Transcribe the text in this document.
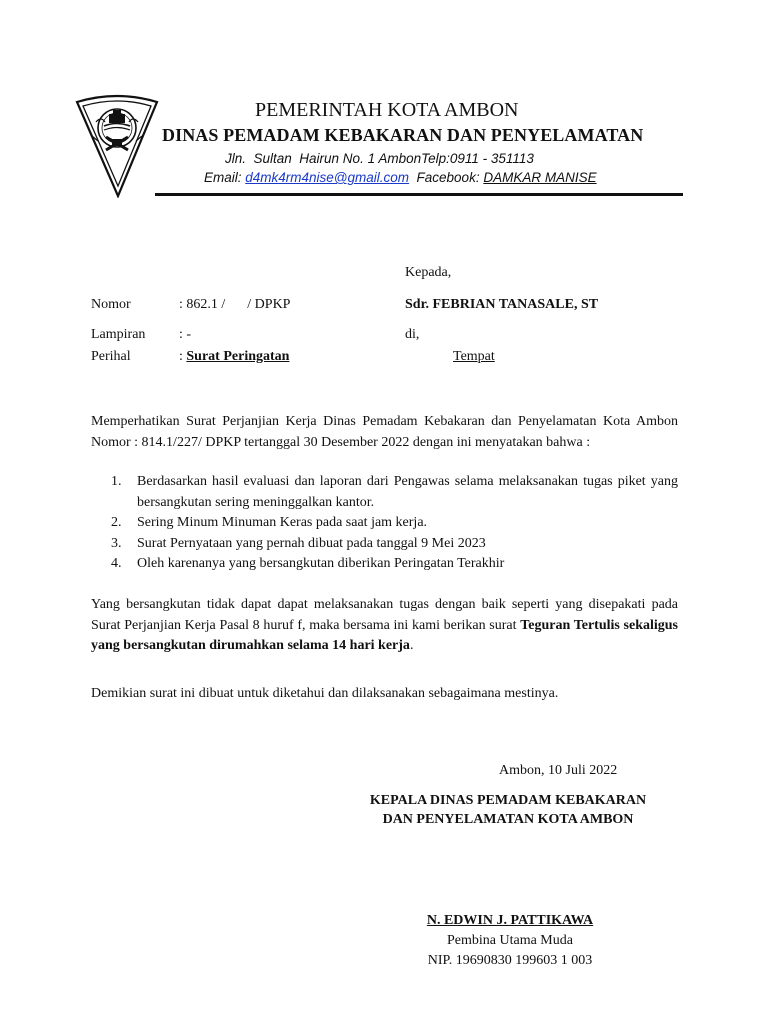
PEMERINTAH KOTA AMBON
DINAS PEMADAM KEBAKARAN DAN PENYELAMATAN
Jln.  Sultan  Hairun No. 1 AmbonTelp:0911 - 351113
Email: d4mk4rm4nise@gmail.com  Facebook: DAMKAR MANISE
Kepada,
Sdr. FEBRIAN TANASALE, ST
di,
Tempat
Nomor	: 862.1 / / DPKP
Lampiran : -
Perihal	: Surat Peringatan
Memperhatikan Surat Perjanjian Kerja Dinas Pemadam Kebakaran dan Penyelamatan Kota Ambon Nomor : 814.1/227/ DPKP tertanggal 30 Desember 2022 dengan ini menyatakan bahwa :
1. Berdasarkan hasil evaluasi dan laporan dari Pengawas selama melaksanakan tugas piket yang bersangkutan sering meninggalkan kantor.
2. Sering Minum Minuman Keras pada saat jam kerja.
3. Surat Pernyataan yang pernah dibuat pada tanggal 9 Mei 2023
4. Oleh karenanya yang bersangkutan diberikan Peringatan Terakhir
Yang bersangkutan tidak dapat dapat melaksanakan tugas dengan baik seperti yang disepakati pada Surat Perjanjian Kerja Pasal 8 huruf f, maka bersama ini kami berikan surat Teguran Tertulis sekaligus yang bersangkutan dirumahkan selama 14 hari kerja.
Demikian surat ini dibuat untuk diketahui dan dilaksanakan sebagaimana mestinya.
Ambon, 10 Juli 2022
KEPALA DINAS PEMADAM KEBAKARAN
DAN PENYELAMATAN KOTA AMBON
N. EDWIN J. PATTIKAWA
Pembina Utama Muda
NIP. 19690830 199603 1 003
